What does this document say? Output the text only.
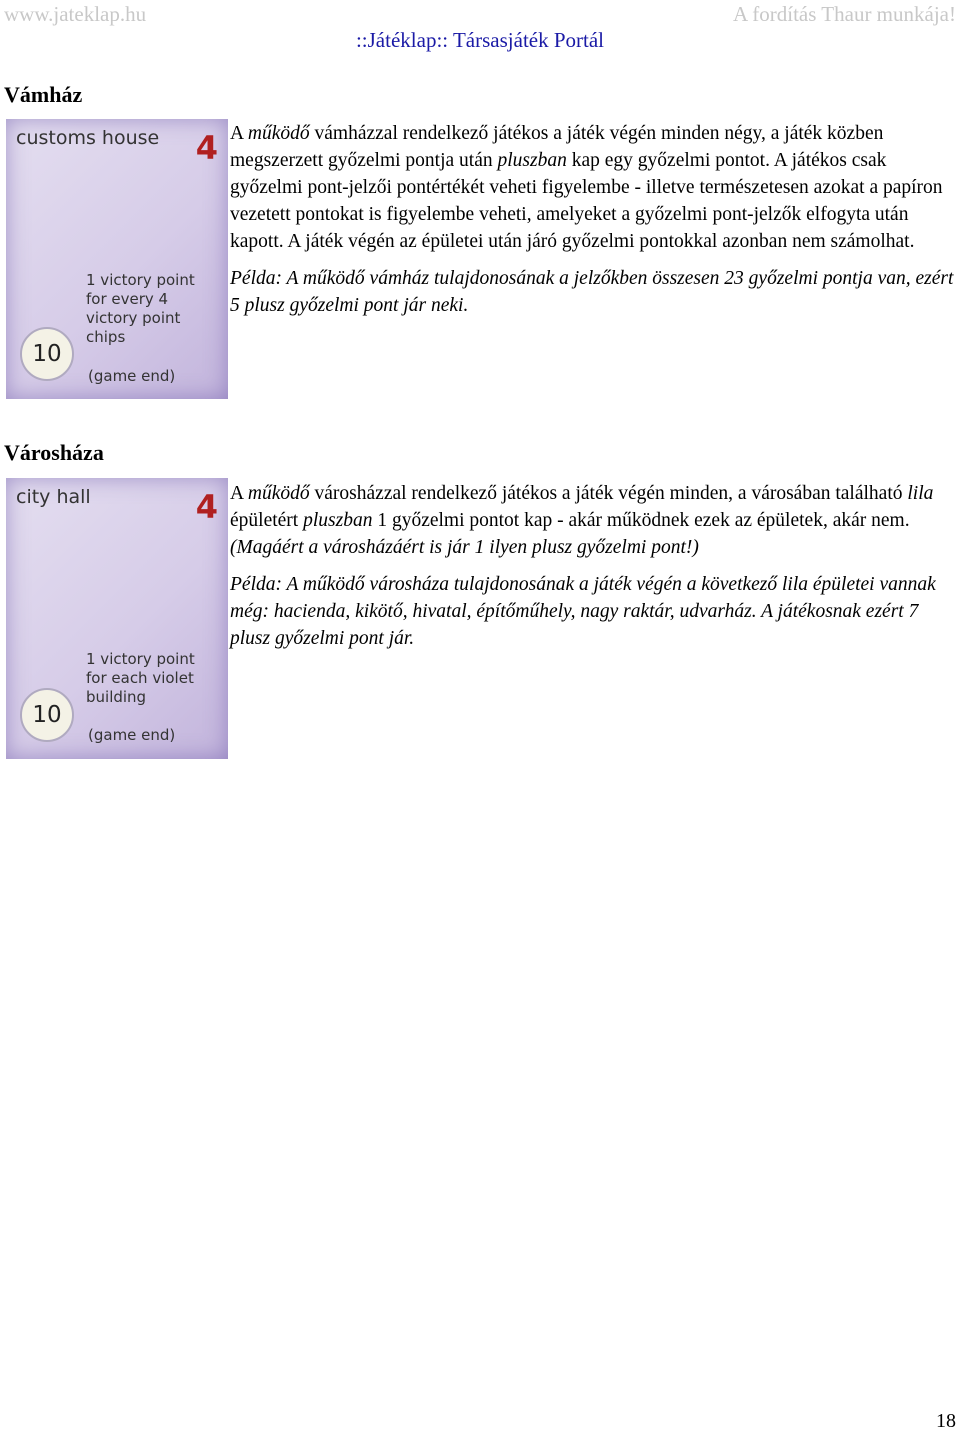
www.jateklap.hu	A fordítás Thaur munkája!
::Játéklap:: Társasjáték Portál
Vámház
customs house 4
1 victory point for every 4 victory point chips
10
(game end)

A működő vámházzal rendelkező játékos a játék végén minden négy, a játék közben megszerzett győzelmi pontja után pluszban kap egy győzelmi pontot. A játékos csak győzelmi pont-jelzői pontértékét veheti figyelembe - illetve természetesen azokat a papíron vezetett pontokat is figyelembe veheti, amelyeket a győzelmi pont-jelzők elfogyta után kapott. A játék végén az épületei után járó győzelmi pontokkal azonban nem számolhat.

Példa: A működő vámház tulajdonosának a jelzőkben összesen 23 győzelmi pontja van, ezért 5 plusz győzelmi pont jár neki.

Városháza
city hall	4
1 victory point for each violet building
10
(game end)

A működő városházzal rendelkező játékos a játék végén minden, a városában található lila épületért pluszban 1 győzelmi pontot kap - akár működnek ezek az épületek, akár nem. (Magáért a városházáért is jár 1 ilyen plusz győzelmi pont!)

Példa: A működő városháza tulajdonosának a játék végén a következő lila épületei vannak még: hacienda, kikötő, hivatal, építőműhely, nagy raktár, udvarház. A játékosnak ezért 7 plusz győzelmi pont jár.

18
